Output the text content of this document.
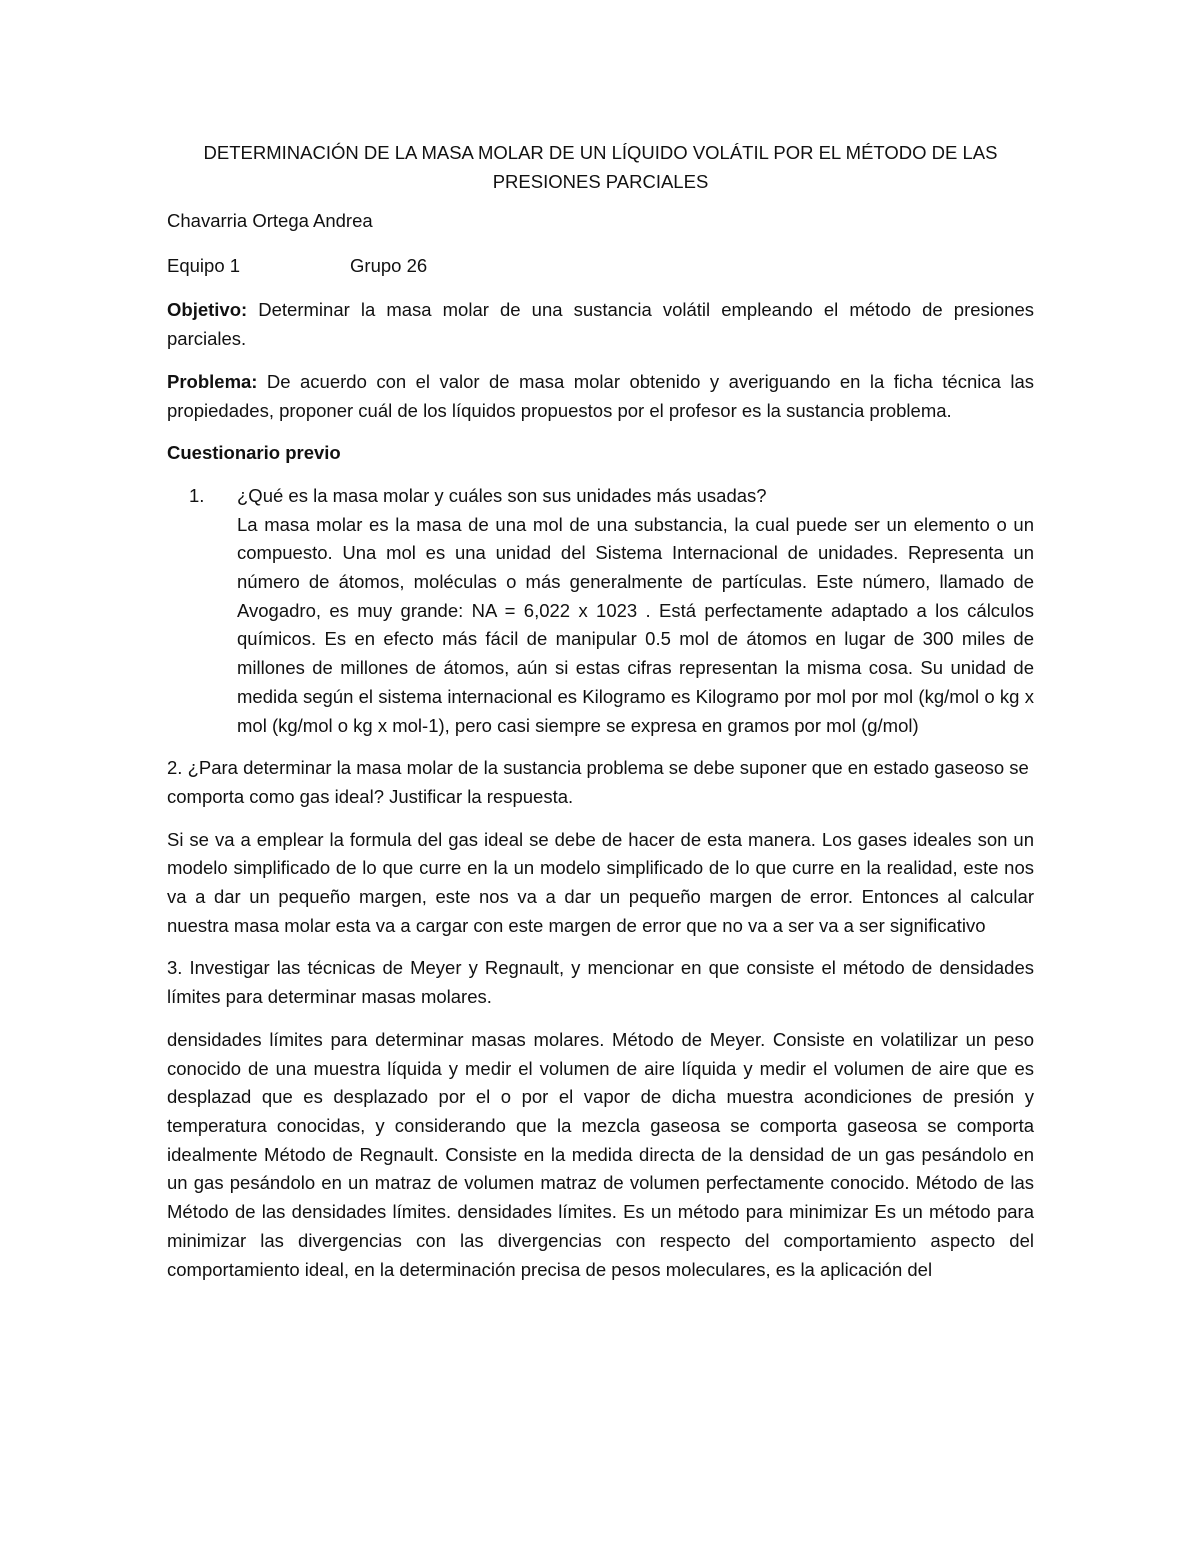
DETERMINACIÓN DE LA MASA MOLAR DE UN LÍQUIDO VOLÁTIL POR EL MÉTODO DE LAS PRESIONES PARCIALES

Chavarria Ortega Andrea

Equipo 1	Grupo 26

Objetivo: Determinar la masa molar de una sustancia volátil empleando el método de presiones parciales.

Problema: De acuerdo con el valor de masa molar obtenido y averiguando en la ficha técnica las propiedades, proponer cuál de los líquidos propuestos por el profesor es la sustancia problema.

Cuestionario previo

1. ¿Qué es la masa molar y cuáles son sus unidades más usadas?

La masa molar es la masa de una mol de una substancia, la cual puede ser un elemento o un compuesto. Una mol es una unidad del Sistema Internacional de unidades. Representa un número de átomos, moléculas o más generalmente de partículas. Este número, llamado de Avogadro, es muy grande: NA = 6,022 x 1023 . Está perfectamente adaptado a los cálculos químicos. Es en efecto más fácil de manipular 0.5 mol de átomos en lugar de 300 miles de millones de millones de átomos, aún si estas cifras representan la misma cosa. Su unidad de medida según el sistema internacional es Kilogramo es Kilogramo por mol por mol (kg/mol o kg x mol (kg/mol o kg x mol-1), pero casi siempre se expresa en gramos por mol (g/mol)

2. ¿Para determinar la masa molar de la sustancia problema se debe suponer que en estado gaseoso se comporta como gas ideal? Justificar la respuesta.

Si se va a emplear la formula del gas ideal se debe de hacer de esta manera. Los gases ideales son un modelo simplificado de lo que curre en la un modelo simplificado de lo que curre en la realidad, este nos va a dar un pequeño margen, este nos va a dar un pequeño margen de error. Entonces al calcular nuestra masa molar esta va a cargar con este margen de error que no va a ser va a ser significativo

3. Investigar las técnicas de Meyer y Regnault, y mencionar en que consiste el método de densidades límites para determinar masas molares.

densidades límites para determinar masas molares. Método de Meyer. Consiste en volatilizar un peso conocido de una muestra líquida y medir el volumen de aire líquida y medir el volumen de aire que es desplazad que es desplazado por el o por el vapor de dicha muestra acondiciones de presión y temperatura conocidas, y considerando que la mezcla gaseosa se comporta gaseosa se comporta idealmente Método de Regnault. Consiste en la medida directa de la densidad de un gas pesándolo en un gas pesándolo en un matraz de volumen matraz de volumen perfectamente conocido. Método de las Método de las densidades límites. densidades límites. Es un método para minimizar Es un método para minimizar las divergencias con las divergencias con respecto del comportamiento aspecto del comportamiento ideal, en la determinación precisa de pesos moleculares, es la aplicación del
